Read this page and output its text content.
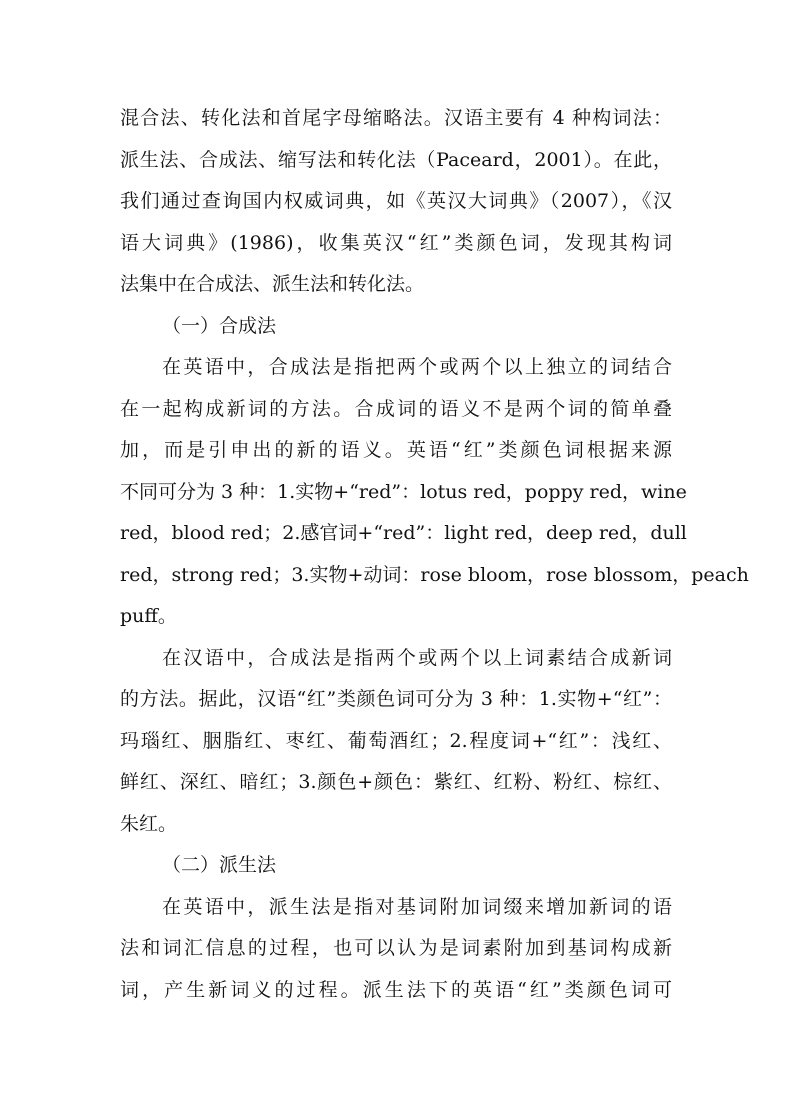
混合法、转化法和首尾字母缩略法。汉语主要有 4 种构词法：
派生法、合成法、缩写法和转化法（Paceard，2001）。在此，
我们通过查询国内权威词典，如《英汉大词典》（2007），《汉
语大词典》(1986)，收集英汉“红”类颜色词，发现其构词
法集中在合成法、派生法和转化法。
（一）合成法
在英语中，合成法是指把两个或两个以上独立的词结合
在一起构成新词的方法。合成词的语义不是两个词的简单叠
加，而是引申出的新的语义。英语“红”类颜色词根据来源
不同可分为 3 种：1.实物+“red”：lotus red，poppy red，wine
red，blood red；2.感官词+“red”：light red，deep red，dull
red，strong red；3.实物+动词：rose bloom，rose blossom，peach
puff。
在汉语中，合成法是指两个或两个以上词素结合成新词
的方法。据此，汉语“红”类颜色词可分为 3 种：1.实物+“红”：
玛瑙红、胭脂红、枣红、葡萄酒红；2.程度词+“红”：浅红、
鲜红、深红、暗红；3.颜色+颜色：紫红、红粉、粉红、棕红、
朱红。
（二）派生法
在英语中，派生法是指对基词附加词缀来增加新词的语
法和词汇信息的过程，也可以认为是词素附加到基词构成新
词，产生新词义的过程。派生法下的英语“红”类颜色词可
